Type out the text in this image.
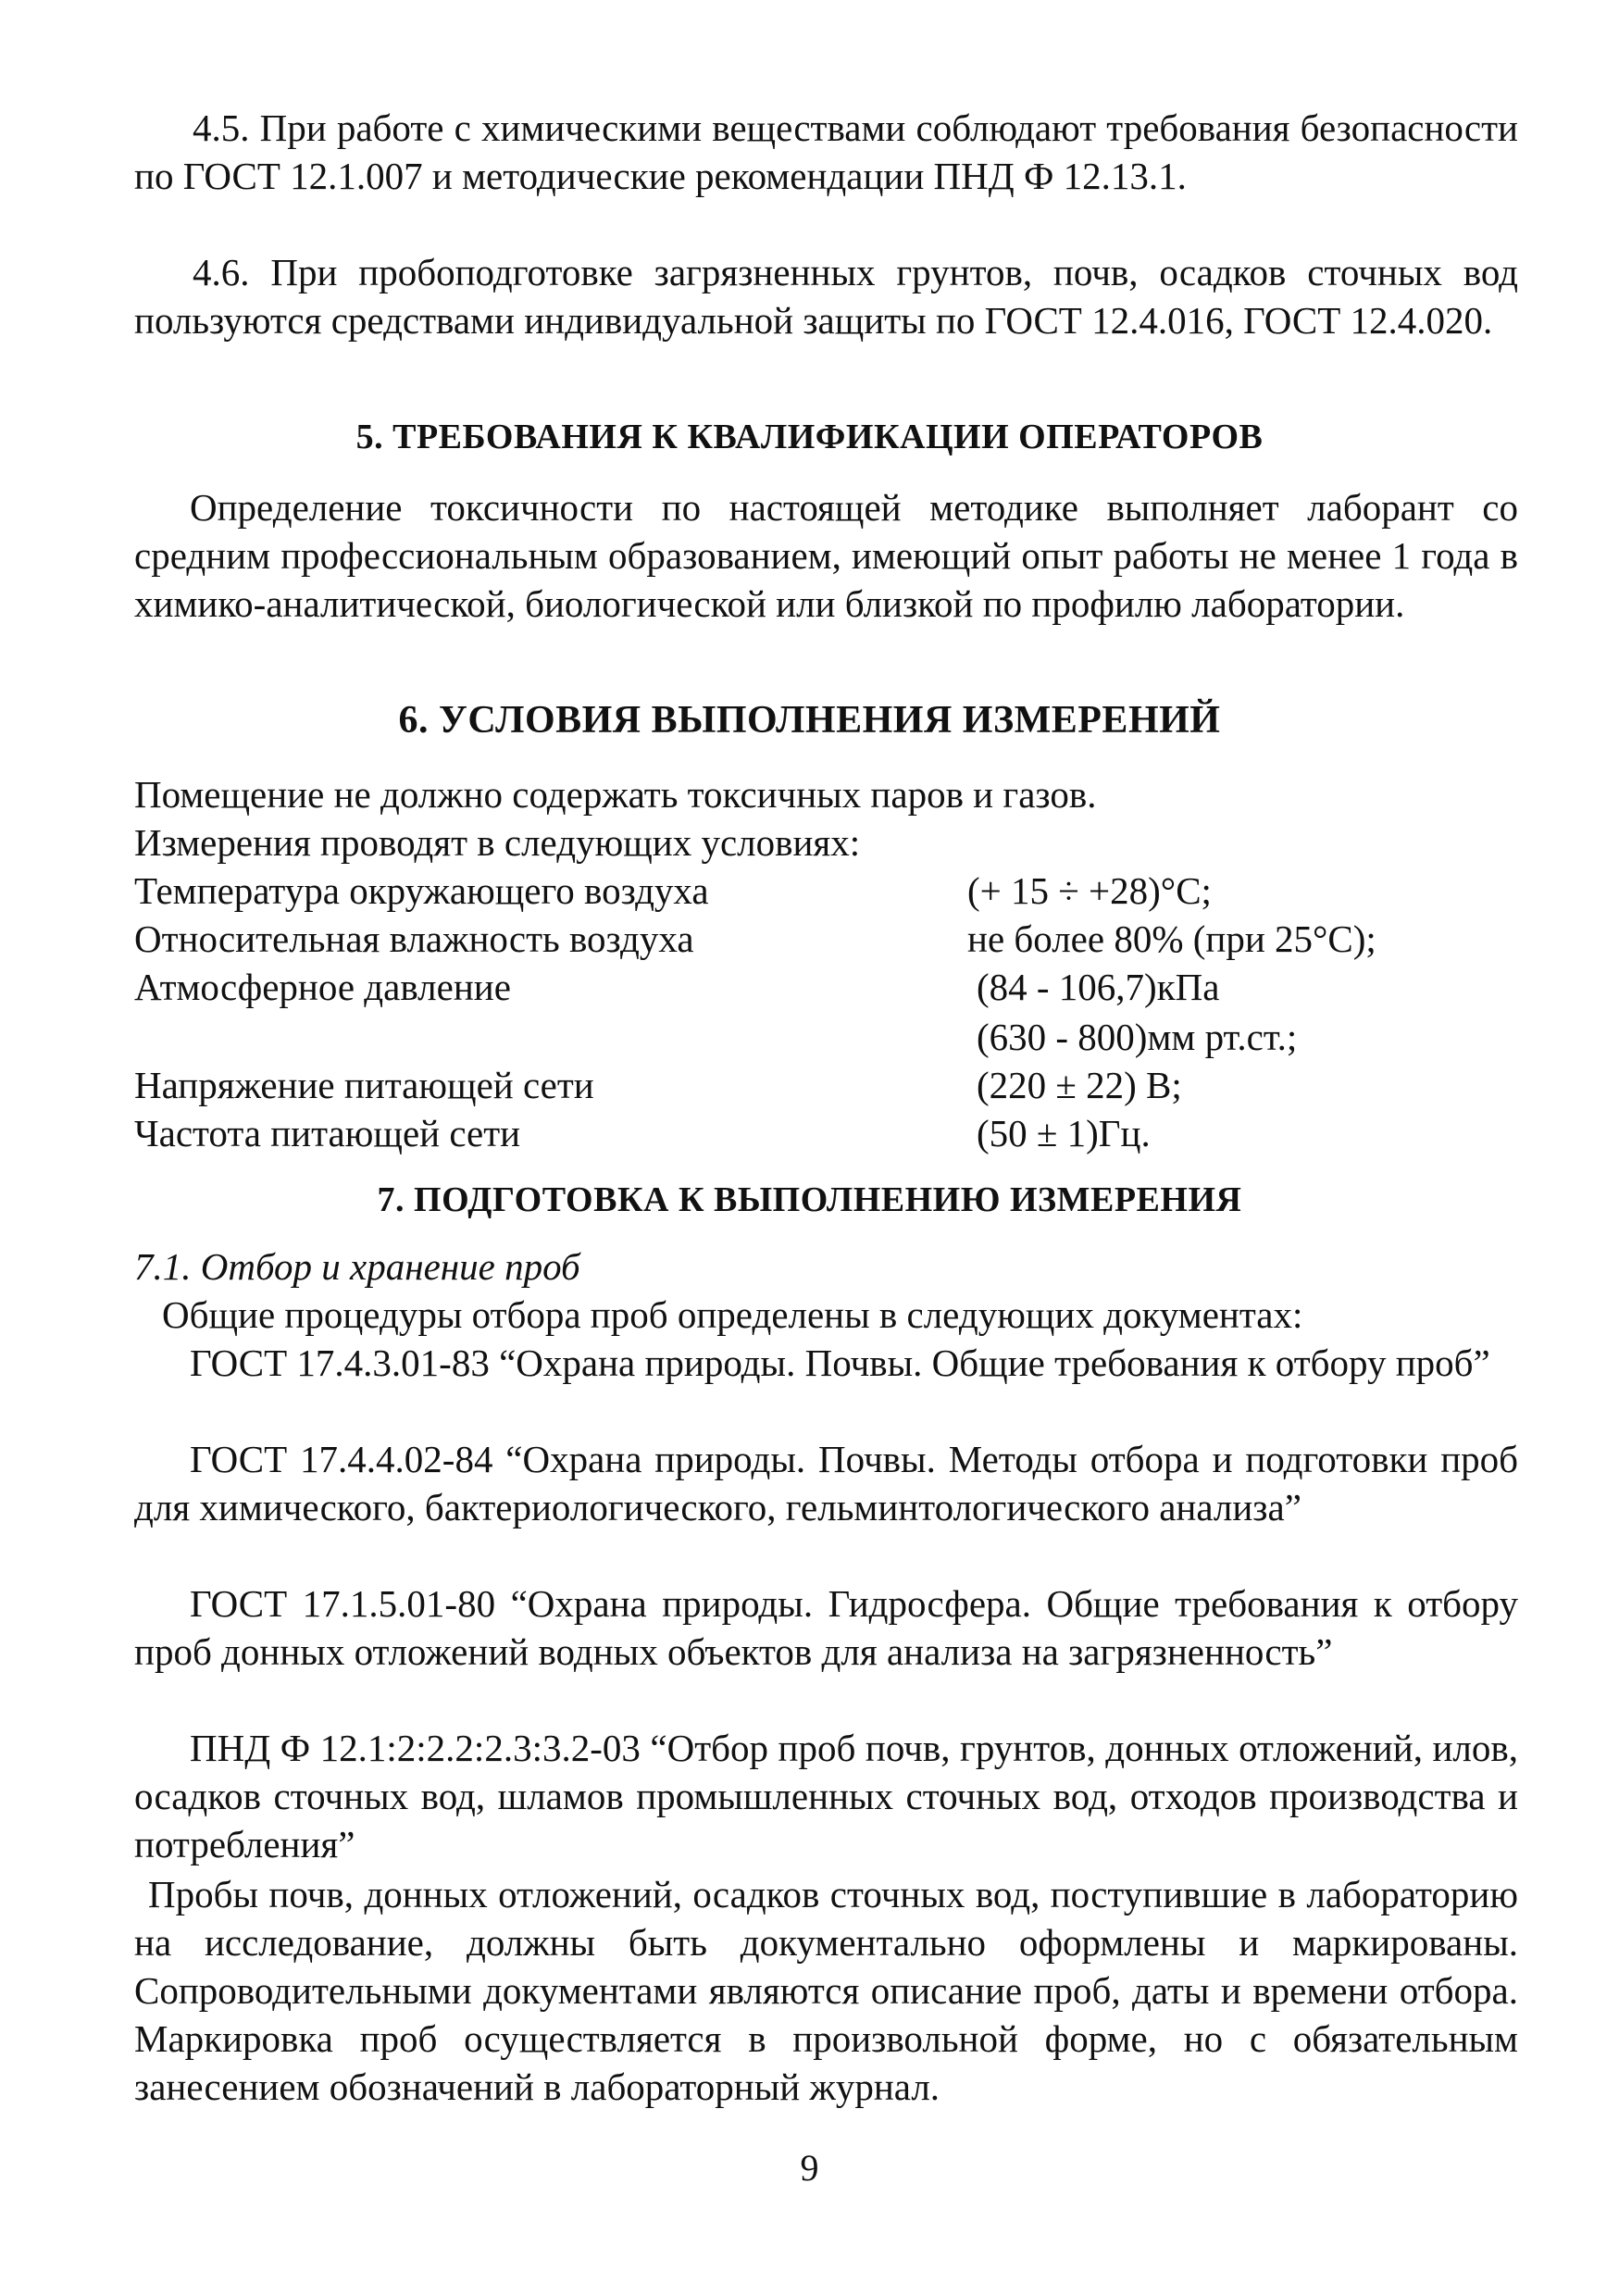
4.5. При работе с химическими веществами соблюдают требования безопасности по ГОСТ 12.1.007 и методические рекомендации ПНД Ф 12.13.1.
4.6. При пробоподготовке загрязненных грунтов, почв, осадков сточных вод пользуются средствами индивидуальной защиты по ГОСТ 12.4.016, ГОСТ 12.4.020.
5. ТРЕБОВАНИЯ К КВАЛИФИКАЦИИ ОПЕРАТОРОВ
Определение токсичности по настоящей методике выполняет лаборант со средним профессиональным образованием, имеющий опыт работы не менее 1 года в химико-аналитической, биологической или близкой по профилю лаборатории.
6. УСЛОВИЯ ВЫПОЛНЕНИЯ ИЗМЕРЕНИЙ
Помещение не должно содержать токсичных паров и газов.
Измерения проводят в следующих условиях:
Температура окружающего воздуха	(+ 15 ÷ +28)°С;
Относительная влажность воздуха	не более 80% (при 25°С);
Атмосферное давление	(84 - 106,7)кПа
(630 - 800)мм рт.ст.;
Напряжение питающей сети	(220 ± 22) В;
Частота питающей сети	(50 ± 1)Гц.
7. ПОДГОТОВКА К ВЫПОЛНЕНИЮ ИЗМЕРЕНИЯ
7.1. Отбор и хранение проб
Общие процедуры отбора проб определены в следующих документах:
ГОСТ 17.4.3.01-83 “Охрана природы. Почвы. Общие требования к отбору проб”
ГОСТ 17.4.4.02-84 “Охрана природы. Почвы. Методы отбора и подготовки проб для химического, бактериологического, гельминтологического анализа”
ГОСТ 17.1.5.01-80 “Охрана природы. Гидросфера. Общие требования к отбору проб донных отложений водных объектов для анализа на загрязненность”
ПНД Ф 12.1:2:2.2:2.3:3.2-03 “Отбор проб почв, грунтов, донных отложений, илов, осадков сточных вод, шламов промышленных сточных вод, отходов производства и потребления”
Пробы почв, донных отложений, осадков сточных вод, поступившие в лабораторию на исследование, должны быть документально оформлены и маркированы. Сопроводительными документами являются описание проб, даты и времени отбора. Маркировка проб осуществляется в произвольной форме, но с обязательным занесением обозначений в лабораторный журнал.
9
